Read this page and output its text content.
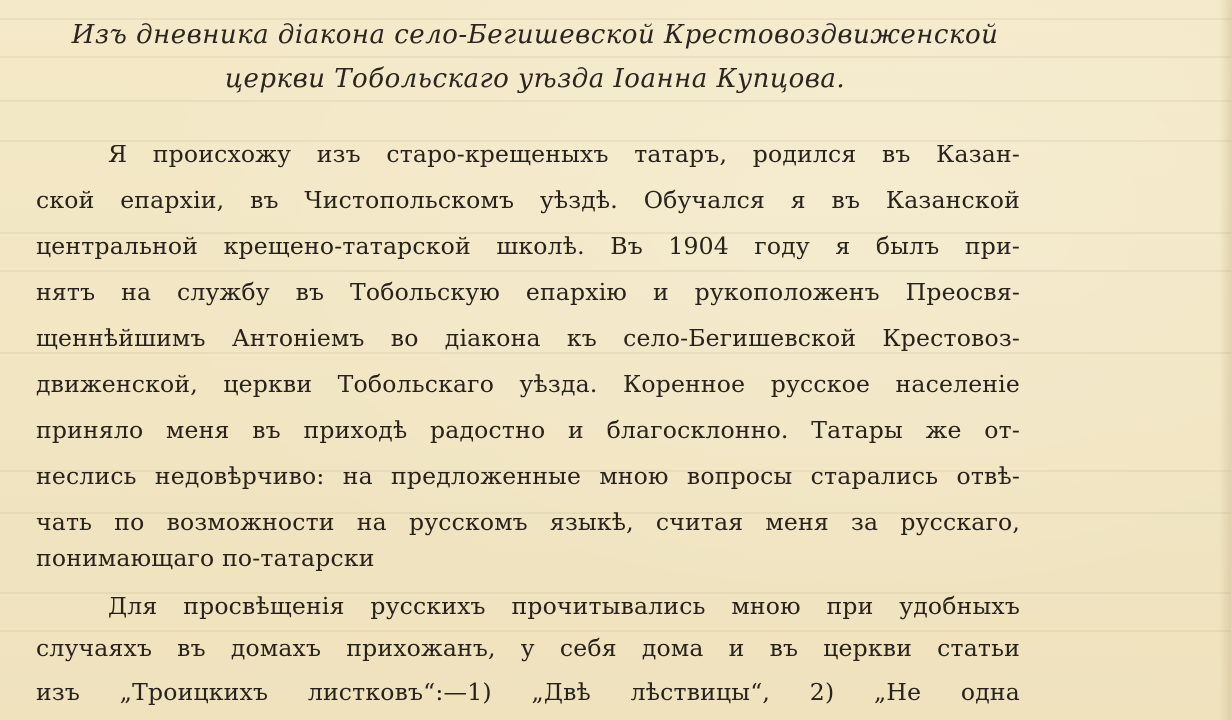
Изъ дневника діакона село-Бегишевской Крестовоздвиженской
церкви Тобольскаго уѣзда Іоанна Купцова.
Я происхожу изъ старо-крещеныхъ татаръ, родился въ Казан-
ской епархіи, въ Чистопольскомъ уѣздѣ. Обучался я въ Казанской
центральной крещено-татарской школѣ. Въ 1904 году я былъ при-
нятъ на службу въ Тобольскую епархію и рукоположенъ Преосвя-
щеннѣйшимъ Антоніемъ во діакона къ село-Бегишевской Крестовоз-
движенской, церкви Тобольскаго уѣзда. Коренное русское населеніе
приняло меня въ приходѣ радостно и благосклонно. Татары же от-
неслись недовѣрчиво: на предложенные мною вопросы старались отвѣ-
чать по возможности на русскомъ языкѣ, считая меня за русскаго,
понимающаго по-татарски
Для просвѣщенія русскихъ прочитывались мною при удобныхъ
случаяхъ въ домахъ прихожанъ, у себя дома и въ церкви статьи
изъ „Троицкихъ листковъ“:—1) „Двѣ лѣствицы“, 2) „Не одна
